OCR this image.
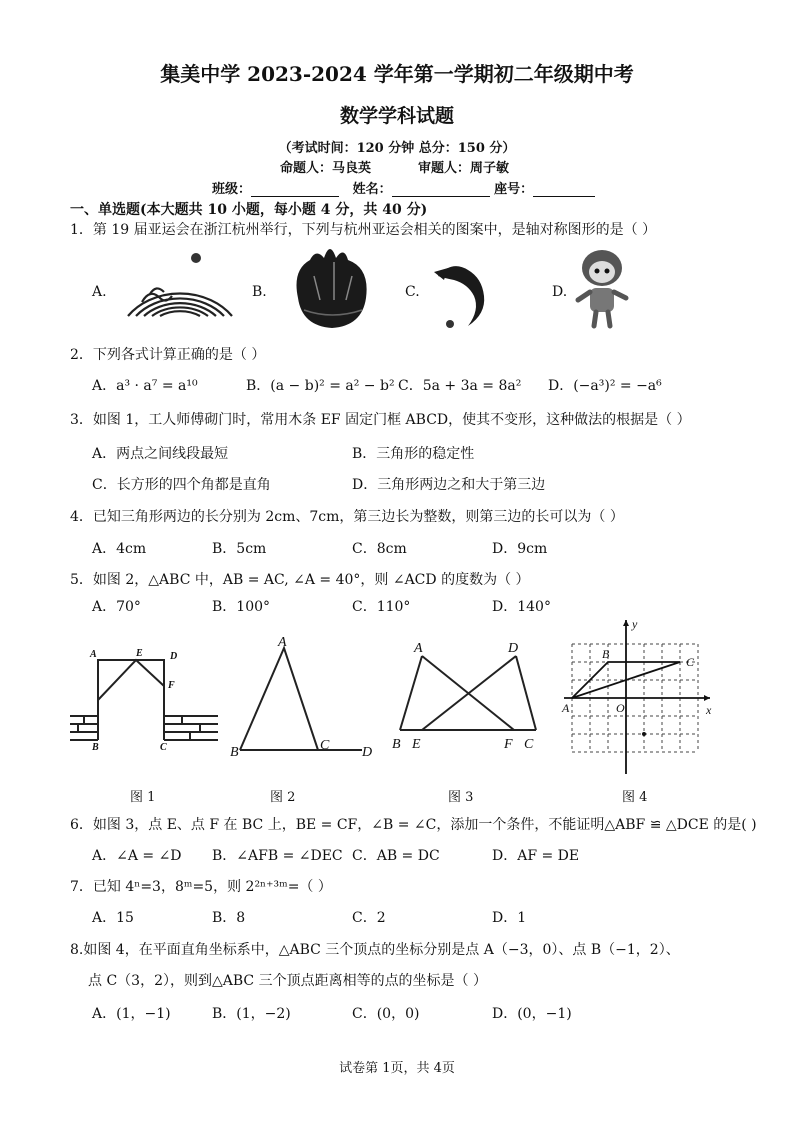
集美中学 2023-2024 学年第一学期初二年级期中考
数学学科试题
（考试时间：120 分钟 总分：150 分）
命题人：马良英	审题人：周子敏
班级：	姓名：	座号：
一、单选题(本大题共 10 小题，每小题 4 分，共 40 分)
1．第 19 届亚运会在浙江杭州举行，下列与杭州亚运会相关的图案中，是轴对称图形的是（ ）
A.	B.	C.	D.
2．下列各式计算正确的是（ ）
A．a³ · a⁷ = a¹⁰	B．(a − b)² = a² − b² C．5a + 3a = 8a² D．(−a³)² = −a⁶
3．如图 1，工人师傅砌门时，常用木条 EF 固定门框 ABCD，使其不变形，这种做法的根据是（ ）
A．两点之间线段最短	B．三角形的稳定性
C．长方形的四个角都是直角	D．三角形两边之和大于第三边
4．已知三角形两边的长分别为 2cm、7cm，第三边长为整数，则第三边的长可以为（ ）
A．4cm	B．5cm	C．8cm	D．9cm
5．如图 2，△ABC 中，AB = AC, ∠A = 40°，则 ∠ACD 的度数为（ ）
A．70°	B．100°	C．110°	D．140°
A	E	D
F
B	C
图 1
A
B	C D
图 2
A	D
B E	F C
图 3
y
B
C
A	O	x
图 4
6．如图 3，点 E、点 F 在 BC 上，BE = CF，∠B = ∠C，添加一个条件，不能证明△ABF ≌ △DCE 的是( )
A．∠A = ∠D B．∠AFB = ∠DEC C．AB = DC	D．AF = DE
7．已知 4ⁿ=3，8ᵐ=5，则 2²ⁿ⁺³ᵐ=（ ）
A．15	B．8	C．2	D．1
8.如图 4，在平面直角坐标系中，△ABC 三个顶点的坐标分别是点 A（−3，0）、点 B（−1，2）、
点 C（3，2），则到△ABC 三个顶点距离相等的点的坐标是（ ）
A．(1，−1)	B．(1，−2)	C．(0，0)	D．(0，−1)
试卷第 1页，共 4页
